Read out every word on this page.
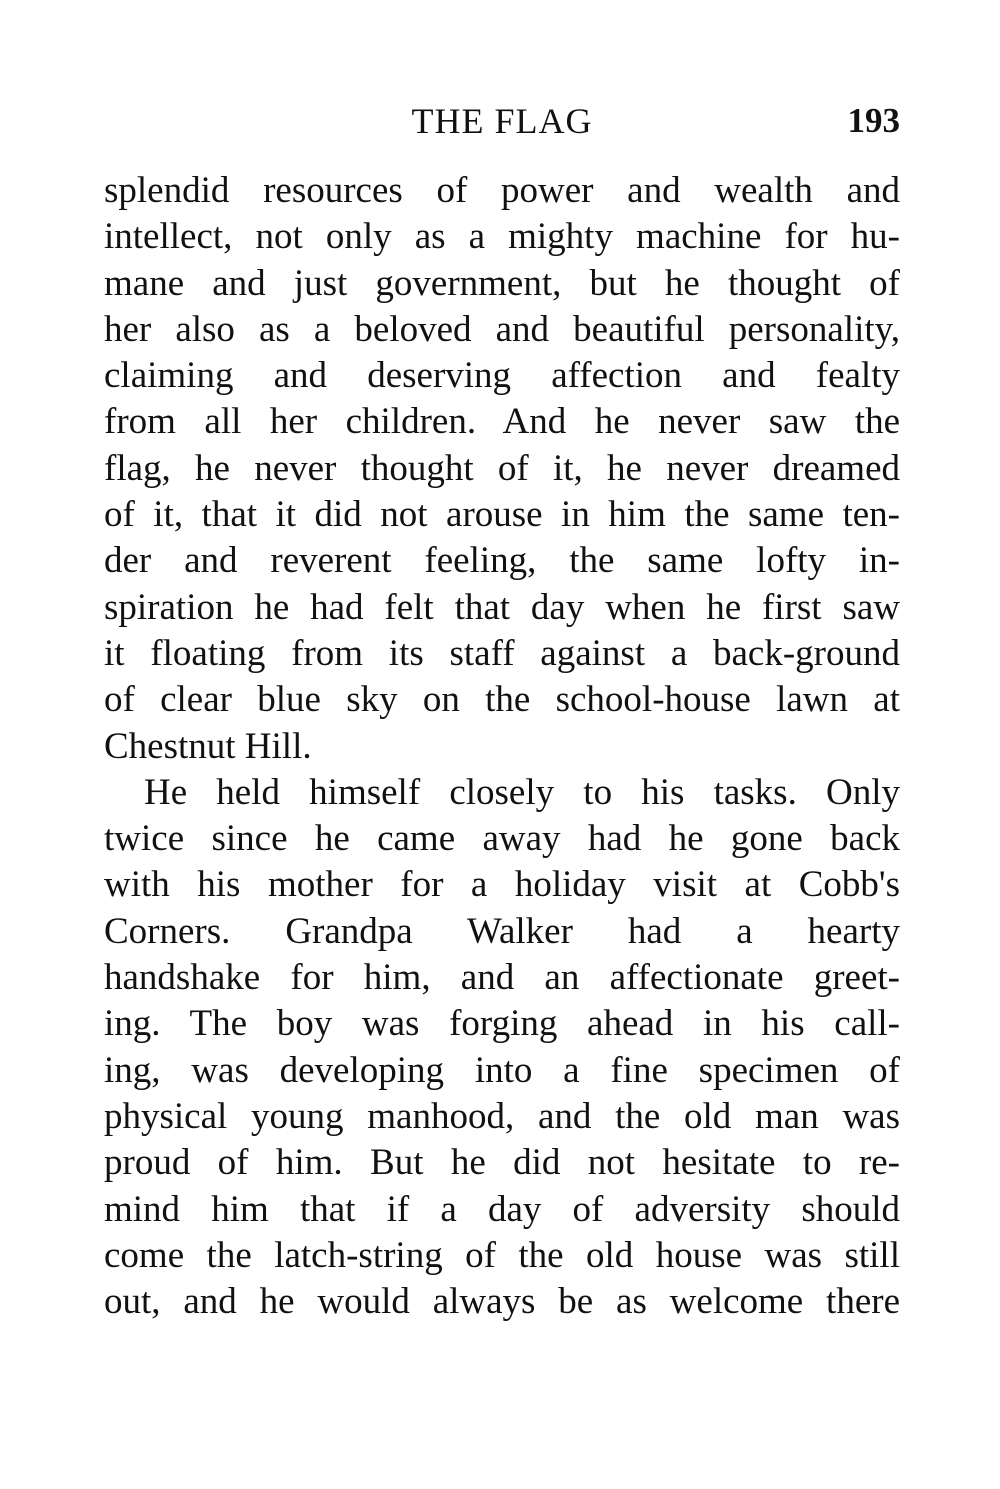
THE FLAG	193
splendid resources of power and wealth and
intellect, not only as a mighty machine for hu-
mane and just government, but he thought of
her also as a beloved and beautiful personality,
claiming and deserving affection and fealty
from all her children. And he never saw the
flag, he never thought of it, he never dreamed
of it, that it did not arouse in him the same ten-
der and reverent feeling, the same lofty in-
spiration he had felt that day when he first saw
it floating from its staff against a back-ground
of clear blue sky on the school-house lawn at
Chestnut Hill.
He held himself closely to his tasks. Only
twice since he came away had he gone back
with his mother for a holiday visit at Cobb's
Corners. Grandpa Walker had a hearty
handshake for him, and an affectionate greet-
ing. The boy was forging ahead in his call-
ing, was developing into a fine specimen of
physical young manhood, and the old man was
proud of him. But he did not hesitate to re-
mind him that if a day of adversity should
come the latch-string of the old house was still
out, and he would always be as welcome there
